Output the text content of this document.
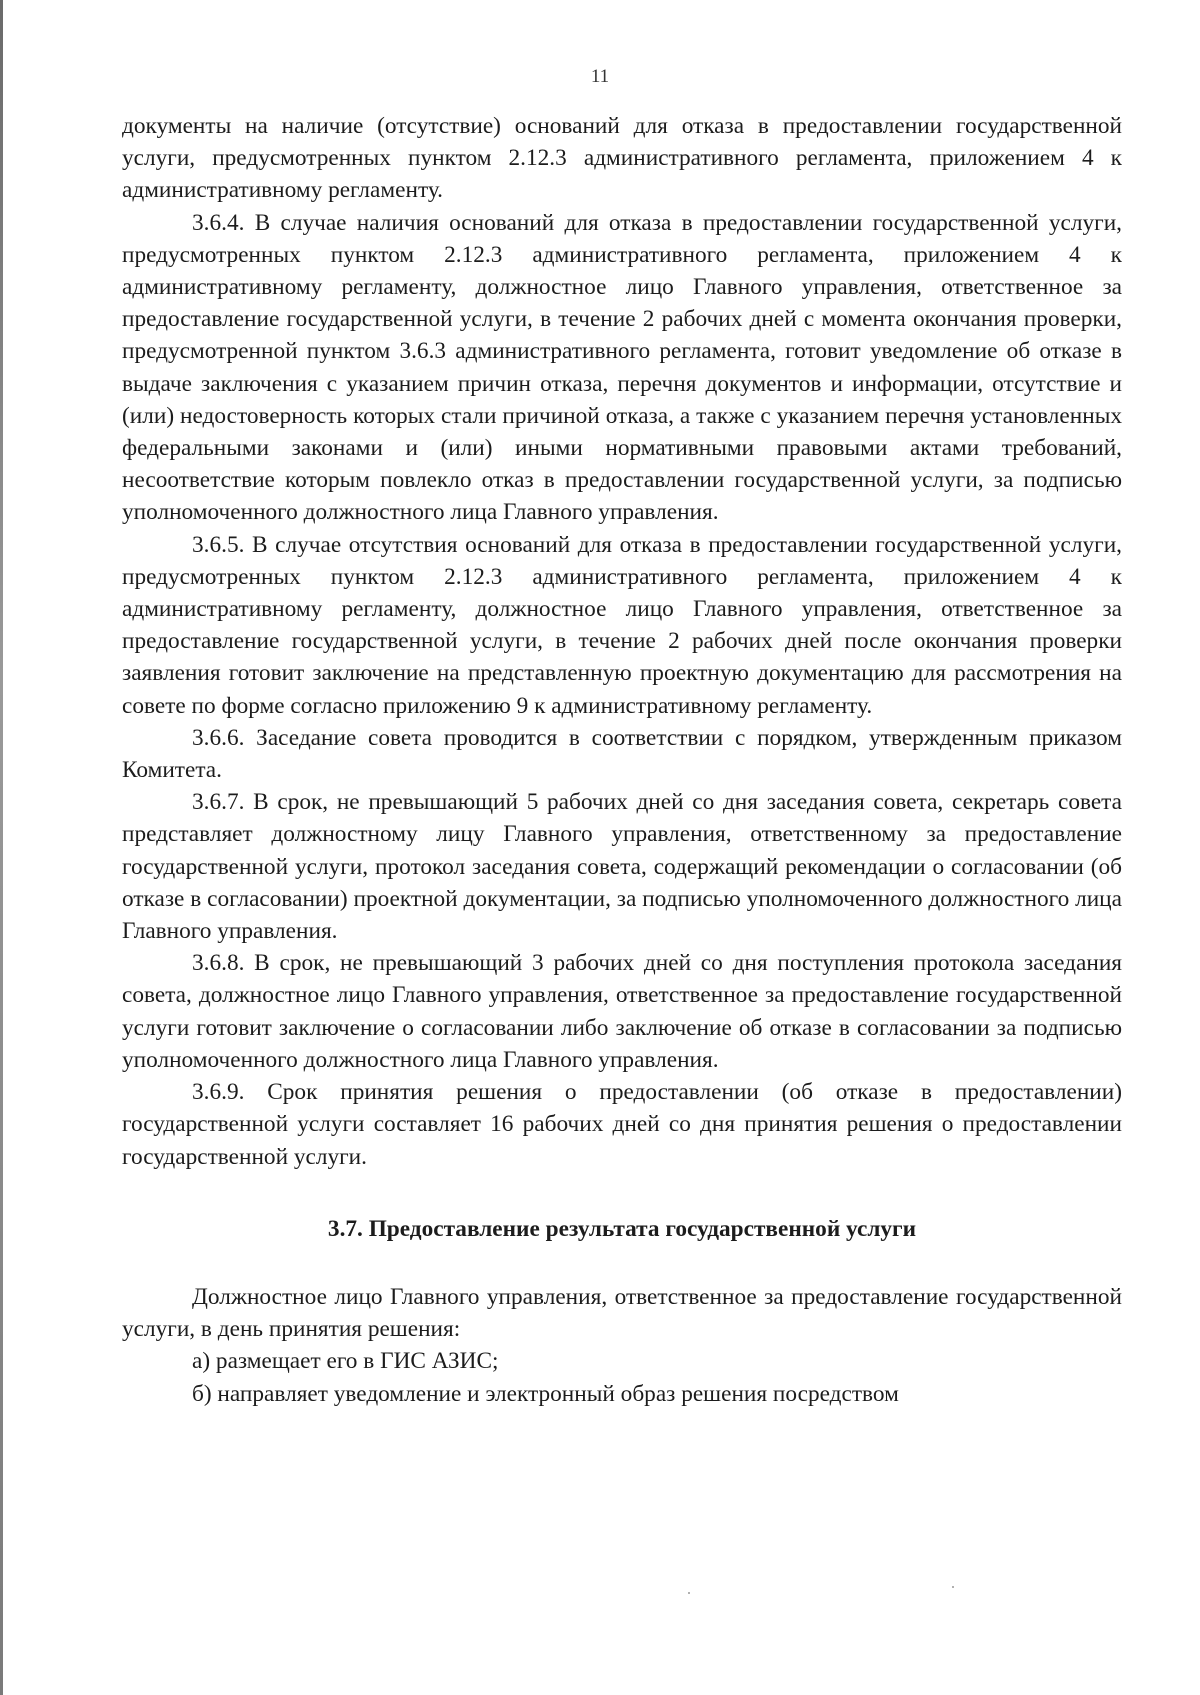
11

документы на наличие (отсутствие) оснований для отказа в предоставлении государственной услуги, предусмотренных пунктом 2.12.3 административного регламента, приложением 4 к административному регламенту.

3.6.4. В случае наличия оснований для отказа в предоставлении государственной услуги, предусмотренных пунктом 2.12.3 административного регламента, приложением 4 к административному регламенту, должностное лицо Главного управления, ответственное за предоставление государственной услуги, в течение 2 рабочих дней с момента окончания проверки, предусмотренной пунктом 3.6.3 административного регламента, готовит уведомление об отказе в выдаче заключения с указанием причин отказа, перечня документов и информации, отсутствие и (или) недостоверность которых стали причиной отказа, а также с указанием перечня установленных федеральными законами и (или) иными нормативными правовыми актами требований, несоответствие которым повлекло отказ в предоставлении государственной услуги, за подписью уполномоченного должностного лица Главного управления.

3.6.5. В случае отсутствия оснований для отказа в предоставлении государственной услуги, предусмотренных пунктом 2.12.3 административного регламента, приложением 4 к административному регламенту, должностное лицо Главного управления, ответственное за предоставление государственной услуги, в течение 2 рабочих дней после окончания проверки заявления готовит заключение на представленную проектную документацию для рассмотрения на совете по форме согласно приложению 9 к административному регламенту.

3.6.6. Заседание совета проводится в соответствии с порядком, утвержденным приказом Комитета.

3.6.7. В срок, не превышающий 5 рабочих дней со дня заседания совета, секретарь совета представляет должностному лицу Главного управления, ответственному за предоставление государственной услуги, протокол заседания совета, содержащий рекомендации о согласовании (об отказе в согласовании) проектной документации, за подписью уполномоченного должностного лица Главного управления.

3.6.8. В срок, не превышающий 3 рабочих дней со дня поступления протокола заседания совета, должностное лицо Главного управления, ответственное за предоставление государственной услуги готовит заключение о согласовании либо заключение об отказе в согласовании за подписью уполномоченного должностного лица Главного управления.

3.6.9. Срок принятия решения о предоставлении (об отказе в предоставлении) государственной услуги составляет 16 рабочих дней со дня принятия решения о предоставлении государственной услуги.

3.7. Предоставление результата государственной услуги

Должностное лицо Главного управления, ответственное за предоставление государственной услуги, в день принятия решения:

а) размещает его в ГИС АЗИС;

б) направляет уведомление и электронный образ решения посредством
